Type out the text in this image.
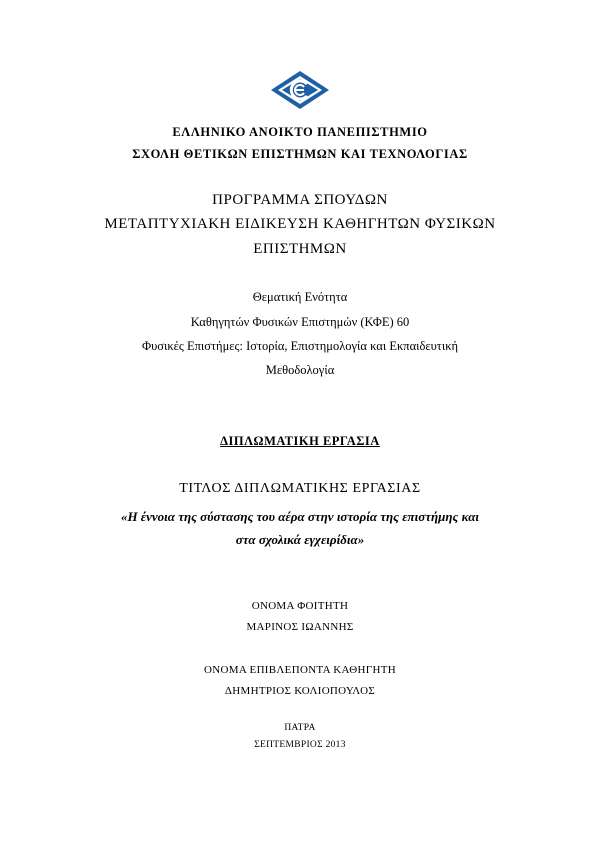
ΕΛΛΗΝΙΚΟ ΑΝΟΙΚΤΟ ΠΑΝΕΠΙΣΤΗΜΙΟ
ΣΧΟΛΗ ΘΕΤΙΚΩΝ ΕΠΙΣΤΗΜΩΝ ΚΑΙ ΤΕΧΝΟΛΟΓΙΑΣ
ΠΡΟΓΡΑΜΜΑ ΣΠΟΥΔΩΝ
ΜΕΤΑΠΤΥΧΙΑΚΗ ΕΙΔΙΚΕΥΣΗ ΚΑΘΗΓΗΤΩΝ ΦΥΣΙΚΩΝ
ΕΠΙΣΤΗΜΩΝ
Θεματική Ενότητα
Καθηγητών Φυσικών Επιστημών (ΚΦΕ) 60
Φυσικές Επιστήμες: Ιστορία, Επιστημολογία και Εκπαιδευτική
Μεθοδολογία
ΔΙΠΛΩΜΑΤΙΚΗ ΕΡΓΑΣΙΑ
ΤΙΤΛΟΣ ΔΙΠΛΩΜΑΤΙΚΗΣ ΕΡΓΑΣΙΑΣ
«Η έννοια της σύστασης του αέρα στην ιστορία της επιστήμης και
στα σχολικά εγχειρίδια»
ΟΝΟΜΑ ΦΟΙΤΗΤΗ
ΜΑΡΙΝΟΣ ΙΩΑΝΝΗΣ
ΟΝΟΜΑ ΕΠΙΒΛΕΠΟΝΤΑ ΚΑΘΗΓΗΤΗ
ΔΗΜΗΤΡΙΟΣ ΚΟΛΙΟΠΟΥΛΟΣ
ΠΑΤΡΑ
ΣΕΠΤΕΜΒΡΙΟΣ 2013
